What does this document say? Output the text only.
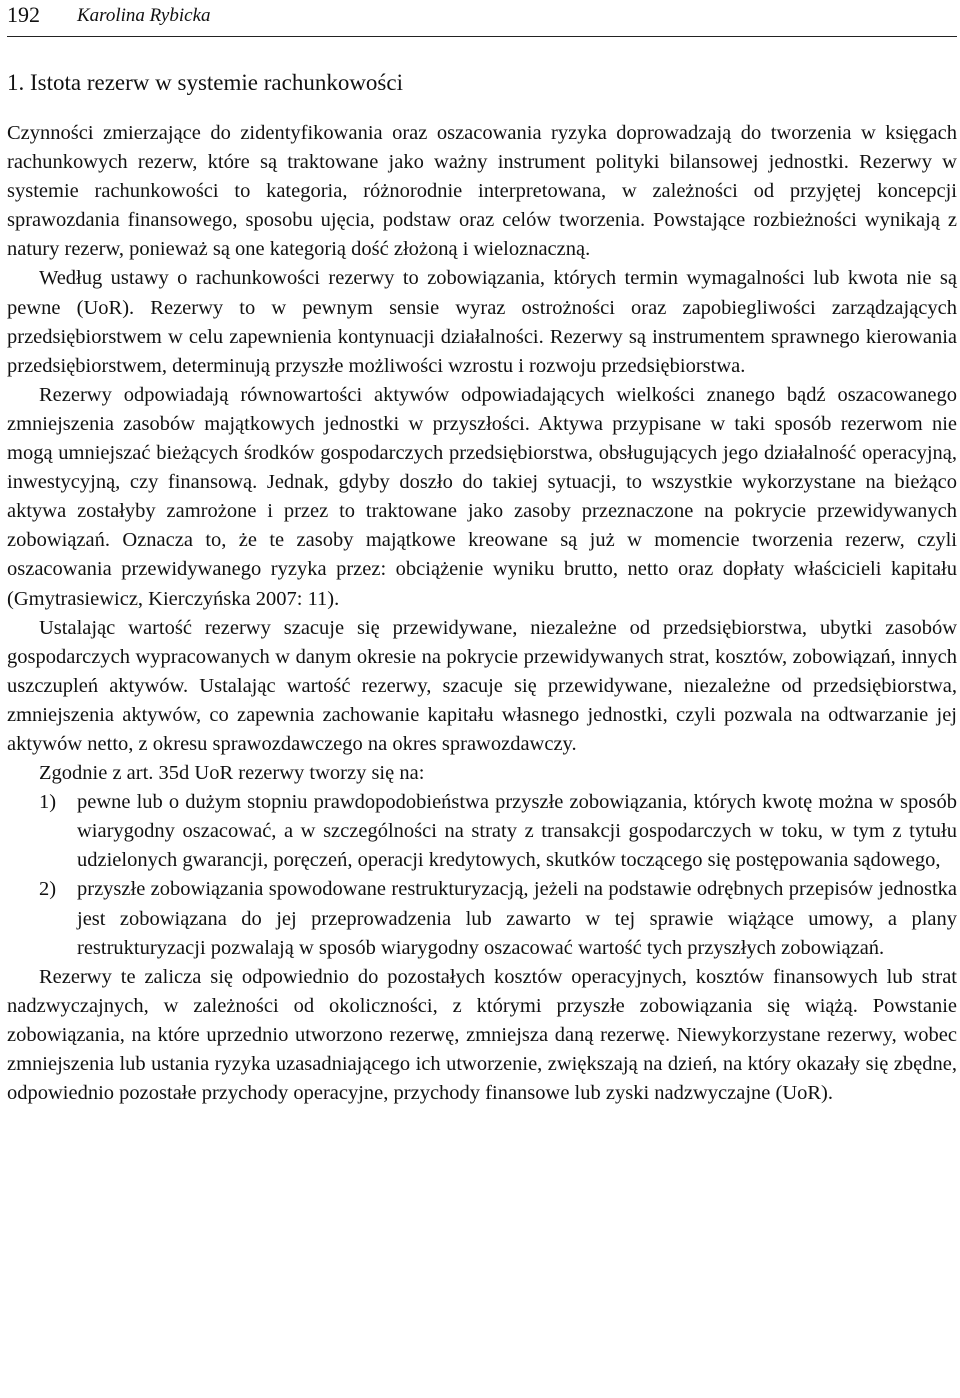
192 Karolina Rybicka
1. Istota rezerw w systemie rachunkowości

Czynności zmierzające do zidentyfikowania oraz oszacowania ryzyka doprowadzają do tworzenia w księgach rachunkowych rezerw, które są traktowane jako ważny instrument polityki bilansowej jednostki. Rezerwy w systemie rachunkowości to kategoria, różnorodnie interpretowana, w zależności od przyjętej koncepcji sprawozdania finansowego, sposobu ujęcia, podstaw oraz celów tworzenia. Powstające rozbieżności wynikają z natury rezerw, ponieważ są one kategorią dość złożoną i wieloznaczną.

Według ustawy o rachunkowości rezerwy to zobowiązania, których termin wymagalności lub kwota nie są pewne (UoR). Rezerwy to w pewnym sensie wyraz ostrożności oraz zapobiegliwości zarządzających przedsiębiorstwem w celu zapewnienia kontynuacji działalności. Rezerwy są instrumentem sprawnego kierowania przedsiębiorstwem, determinują przyszłe możliwości wzrostu i rozwoju przedsiębiorstwa.

Rezerwy odpowiadają równowartości aktywów odpowiadających wielkości znanego bądź oszacowanego zmniejszenia zasobów majątkowych jednostki w przyszłości. Aktywa przypisane w taki sposób rezerwom nie mogą umniejszać bieżących środków gospodarczych przedsiębiorstwa, obsługujących jego działalność operacyjną, inwestycyjną, czy finansową. Jednak, gdyby doszło do takiej sytuacji, to wszystkie wykorzystane na bieżąco aktywa zostałyby zamrożone i przez to traktowane jako zasoby przeznaczone na pokrycie przewidywanych zobowiązań. Oznacza to, że te zasoby majątkowe kreowane są już w momencie tworzenia rezerw, czyli oszacowania przewidywanego ryzyka przez: obciążenie wyniku brutto, netto oraz dopłaty właścicieli kapitału (Gmytrasiewicz, Kierczyńska 2007: 11).

Ustalając wartość rezerwy szacuje się przewidywane, niezależne od przedsiębiorstwa, ubytki zasobów gospodarczych wypracowanych w danym okresie na pokrycie przewidywanych strat, kosztów, zobowiązań, innych uszczupleń aktywów. Ustalając wartość rezerwy, szacuje się przewidywane, niezależne od przedsiębiorstwa, zmniejszenia aktywów, co zapewnia zachowanie kapitału własnego jednostki, czyli pozwala na odtwarzanie jej aktywów netto, z okresu sprawozdawczego na okres sprawozdawczy.

Zgodnie z art. 35d UoR rezerwy tworzy się na:

1) pewne lub o dużym stopniu prawdopodobieństwa przyszłe zobowiązania, których kwotę można w sposób wiarygodny oszacować, a w szczególności na straty z transakcji gospodarczych w toku, w tym z tytułu udzielonych gwarancji, poręczeń, operacji kredytowych, skutków toczącego się postępowania sądowego,
2) przyszłe zobowiązania spowodowane restrukturyzacją, jeżeli na podstawie odrębnych przepisów jednostka jest zobowiązana do jej przeprowadzenia lub zawarto w tej sprawie wiążące umowy, a plany restrukturyzacji pozwalają w sposób wiarygodny oszacować wartość tych przyszłych zobowiązań.

Rezerwy te zalicza się odpowiednio do pozostałych kosztów operacyjnych, kosztów finansowych lub strat nadzwyczajnych, w zależności od okoliczności, z którymi przyszłe zobowiązania się wiążą. Powstanie zobowiązania, na które uprzednio utworzono rezerwę, zmniejsza daną rezerwę. Niewykorzystane rezerwy, wobec zmniejszenia lub ustania ryzyka uzasadniającego ich utworzenie, zwiększają na dzień, na który okazały się zbędne, odpowiednio pozostałe przychody operacyjne, przychody finansowe lub zyski nadzwyczajne (UoR).
